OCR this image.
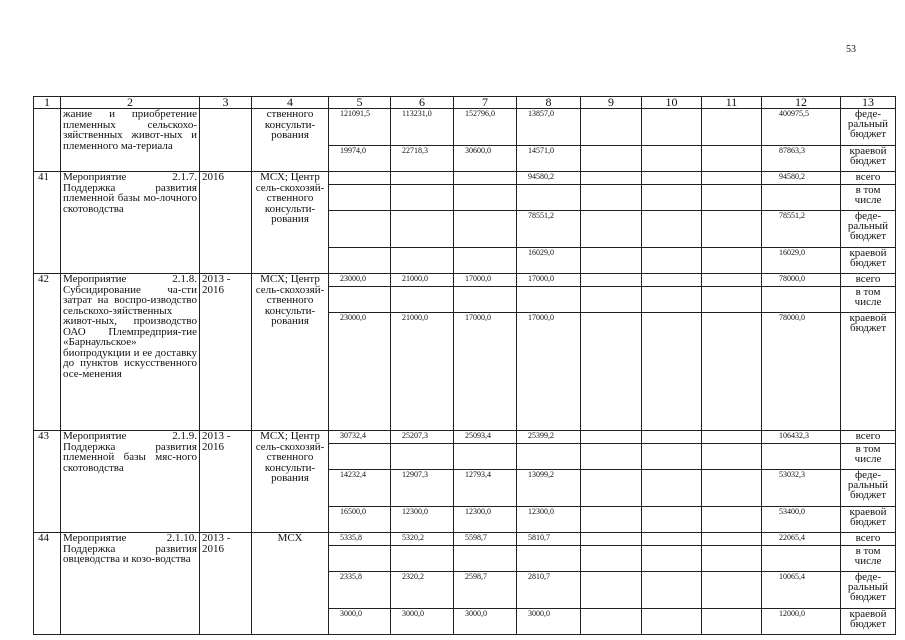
53
1	2	3	4	5	6	7	8	9	10	11	12	13
	жание и приобретение племенных сельскохо-зяйственных живот-ных и племенного ма-териала		ственного консульти-рования	121091,5	113231,0	152796,0	13857,0				400975,5	феде-ральный бюджет
				19974,0	22718,3	30600,0	14571,0				87863,3	краевой бюджет
41	Мероприятие 2.1.7. Поддержка развития племенной базы мо-лочного скотоводства	2016	МСХ; Центр сель-скохозяй-ственного консульти-рования				94580,2				94580,2	всего
												в том числе
							78551,2				78551,2	феде-ральный бюджет
							16029,0				16029,0	краевой бюджет
42	Мероприятие 2.1.8. Субсидирование ча-сти затрат на воспро-изводство сельскохо-зяйственных живот-ных, производство ОАО Племпредприя-тие «Барнаульское» биопродукции и ее доставку до пунктов искусственного осе-менения	2013 - 2016	МСХ; Центр сель-скохозяй-ственного консульти-рования	23000,0	21000,0	17000,0	17000,0				78000,0	всего
												в том числе
				23000,0	21000,0	17000,0	17000,0				78000,0	краевой бюджет
43	Мероприятие 2.1.9. Поддержка развития племенной базы мяс-ного скотоводства	2013 - 2016	МСХ; Центр сель-скохозяй-ственного консульти-рования	30732,4	25207,3	25093,4	25399,2				106432,3	всего
												в том числе
				14232,4	12907,3	12793,4	13099,2				53032,3	феде-ральный бюджет
				16500,0	12300,0	12300,0	12300,0				53400,0	краевой бюджет
44	Мероприятие 2.1.10. Поддержка развития овцеводства и козо-водства	2013 - 2016	МСХ	5335,8	5320,2	5598,7	5810,7				22065,4	всего
												в том числе
				2335,8	2320,2	2598,7	2810,7				10065,4	феде-ральный бюджет
				3000,0	3000,0	3000,0	3000,0				12000,0	краевой бюджет
